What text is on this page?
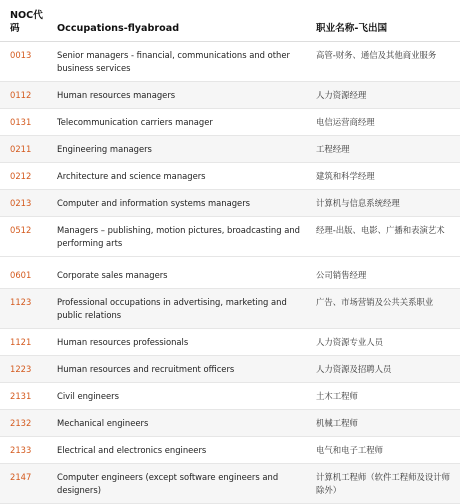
NOC代码	Occupations-flyabroad	职业名称-飞出国
0013	Senior managers - financial, communications and other business services	高管-财务、通信及其他商业服务
0112	Human resources managers	人力资源经理
0131	Telecommunication carriers manager	电信运营商经理
0211	Engineering managers	工程经理
0212	Architecture and science managers	建筑和科学经理
0213	Computer and information systems managers	计算机与信息系统经理
0512	Managers – publishing, motion pictures, broadcasting and performing arts	经理-出版、电影、广播和表演艺术
0601	Corporate sales managers	公司销售经理
1123	Professional occupations in advertising, marketing and public relations	广告、市场营销及公共关系职业
1121	Human resources professionals	人力资源专业人员
1223	Human resources and recruitment officers	人力资源及招聘人员
2131	Civil engineers	土木工程师
2132	Mechanical engineers	机械工程师
2133	Electrical and electronics engineers	电气和电子工程师
2147	Computer engineers (except software engineers and designers)	计算机工程师（软件工程师及设计师除外）
